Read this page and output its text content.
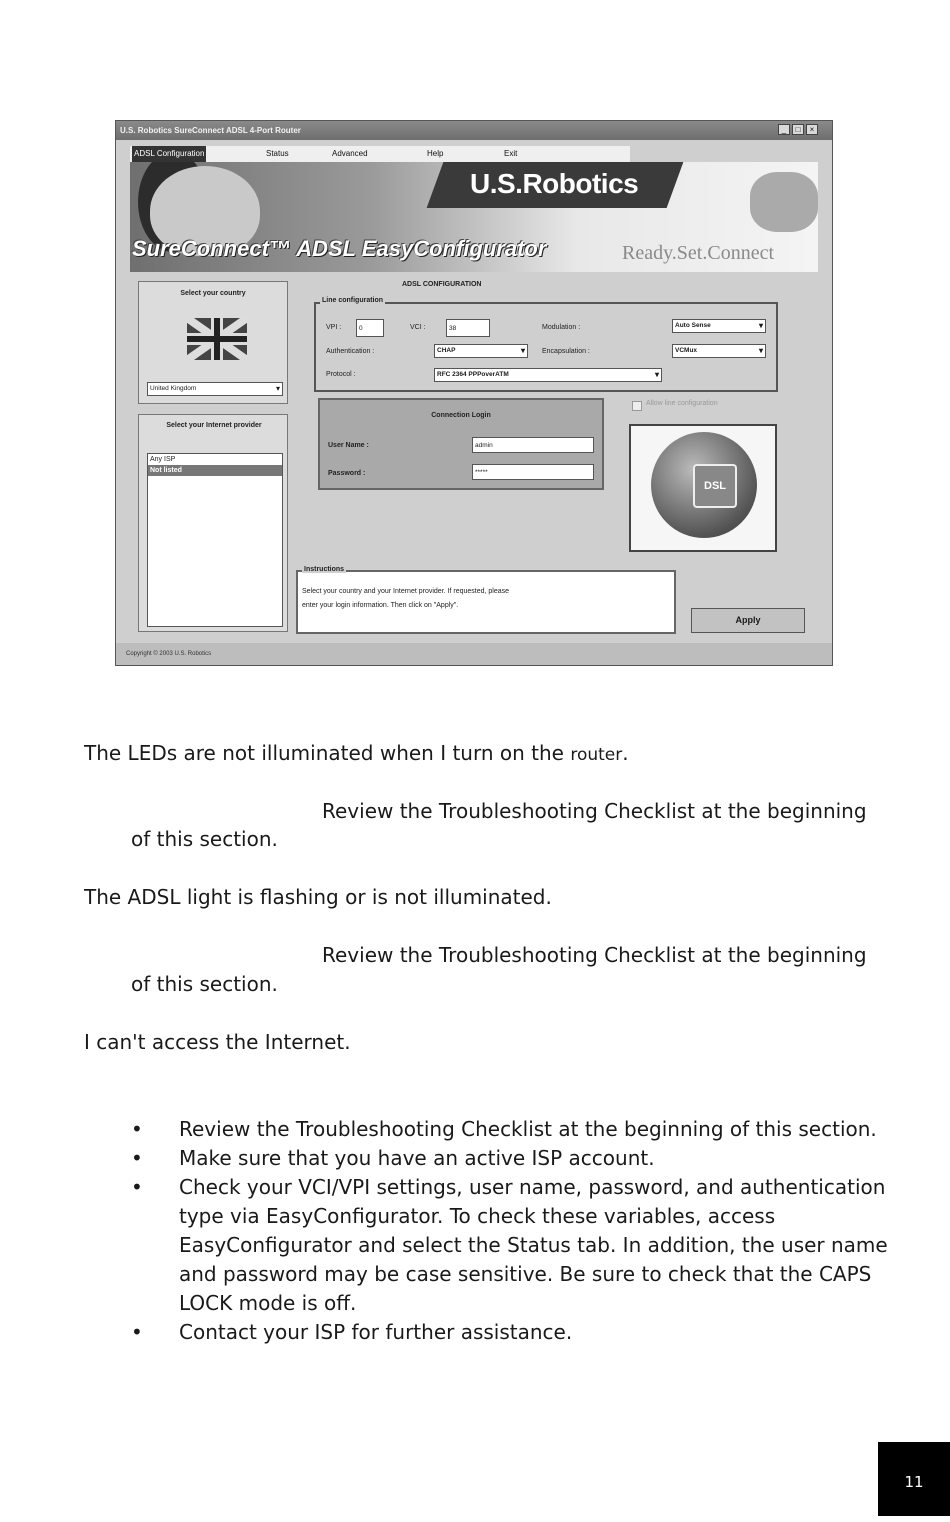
U.S. Robotics SureConnect ADSL 4-Port Router	_	□	×
ADSL Configuration	Status	Advanced	Help	Exit
U.S.Robotics
SureConnect™ ADSL EasyConfigurator	Ready.Set.Connect
Select your country
United Kingdom ▾
Select your Internet provider
Any ISP
Not listed
ADSL CONFIGURATION
Line configuration
VPI :	0	VCI :	38	Modulation :	Auto Sense ▾
Authentication :	CHAP ▾	Encapsulation :	VCMux ▾
Protocol :	RFC 2364 PPPoverATM ▾
Connection Login
User Name :	admin
Password :	*****
Allow line configuration
DSL
Instructions
Select your country and your Internet provider. If requested, please
enter your login information. Then click on "Apply".
Apply
Copyright © 2003 U.S. Robotics
The LEDs are not illuminated when I turn on the router.
Review the Troubleshooting Checklist at the beginning
of this section.
The ADSL light is flashing or is not illuminated.
Review the Troubleshooting Checklist at the beginning
of this section.
I can't access the Internet.
• Review the Troubleshooting Checklist at the beginning of this section.
• Make sure that you have an active ISP account.
• Check your VCI/VPI settings, user name, password, and authentication
type via EasyConfigurator. To check these variables, access
EasyConfigurator and select the Status tab. In addition, the user name
and password may be case sensitive. Be sure to check that the CAPS
LOCK mode is off.
• Contact your ISP for further assistance.
11
